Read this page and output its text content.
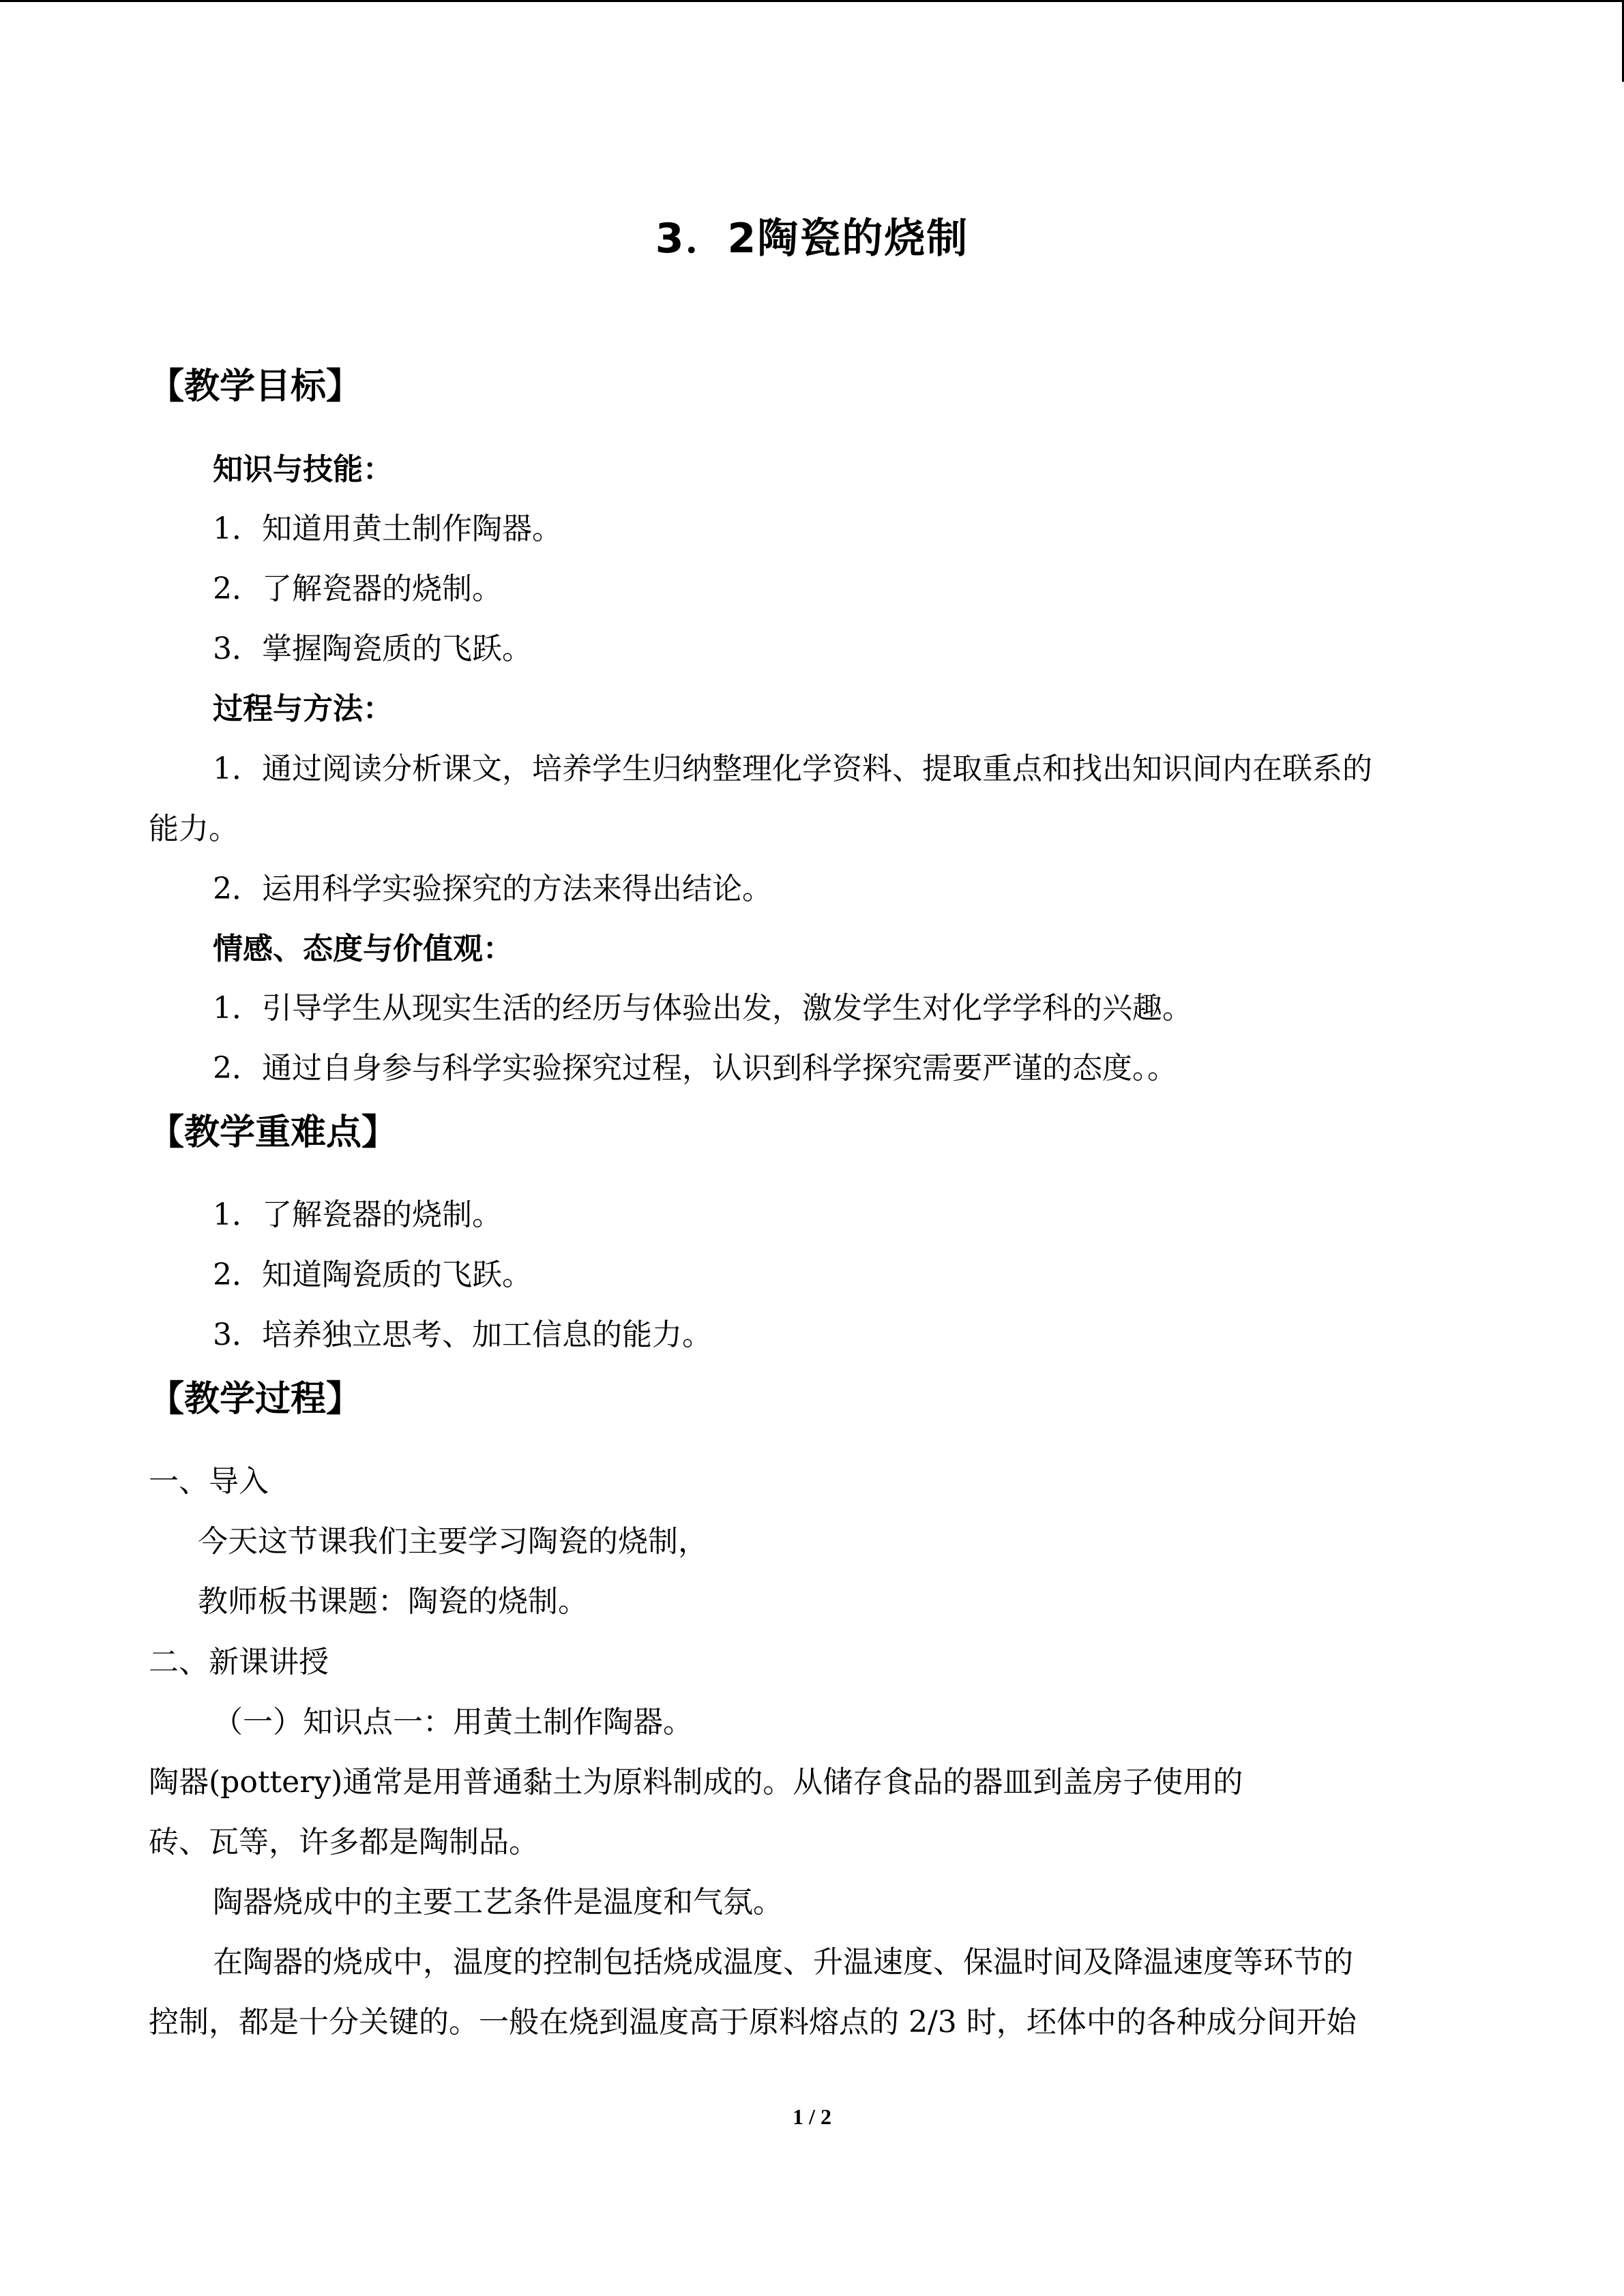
3．2陶瓷的烧制
【教学目标】
知识与技能：
1．知道用黄土制作陶器。
2．了解瓷器的烧制。
3．掌握陶瓷质的飞跃。
过程与方法：
1．通过阅读分析课文，培养学生归纳整理化学资料、提取重点和找出知识间内在联系的
能力。
2．运用科学实验探究的方法来得出结论。
情感、态度与价值观：
1．引导学生从现实生活的经历与体验出发，激发学生对化学学科的兴趣。
2．通过自身参与科学实验探究过程，认识到科学探究需要严谨的态度。。
【教学重难点】
1．了解瓷器的烧制。
2．知道陶瓷质的飞跃。
3．培养独立思考、加工信息的能力。
【教学过程】
一、导入
今天这节课我们主要学习陶瓷的烧制，
教师板书课题：陶瓷的烧制。
二、新课讲授
（一）知识点一：用黄土制作陶器。
陶器(pottery)通常是用普通黏土为原料制成的。从储存食品的器皿到盖房子使用的
砖、瓦等，许多都是陶制品。
陶器烧成中的主要工艺条件是温度和气氛。
在陶器的烧成中，温度的控制包括烧成温度、升温速度、保温时间及降温速度等环节的
控制，都是十分关键的。一般在烧到温度高于原料熔点的 2/3 时，坯体中的各种成分间开始
1 / 2
